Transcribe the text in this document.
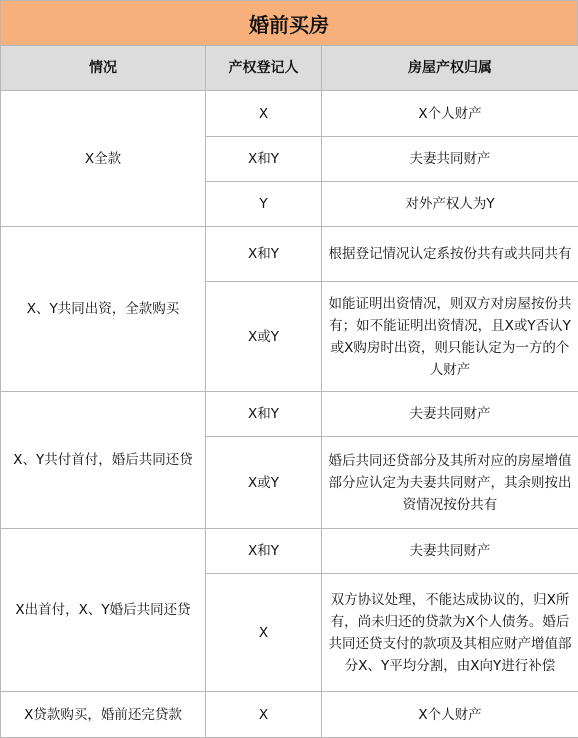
婚前买房
情况	产权登记人	房屋产权归属
X全款	X	X个人财产
	X和Y	夫妻共同财产
	Y	对外产权人为Y
X、Y共同出资，全款购买	X和Y	根据登记情况认定系按份共有或共同共有
	X或Y	如能证明出资情况，则双方对房屋按份共有；如不能证明出资情况，且X或Y否认Y或X购房时出资，则只能认定为一方的个人财产
X、Y共付首付，婚后共同还贷	X和Y	夫妻共同财产
	X或Y	婚后共同还贷部分及其所对应的房屋增值部分应认定为夫妻共同财产，其余则按出资情况按份共有
X出首付，X、Y婚后共同还贷	X和Y	夫妻共同财产
	X	双方协议处理，不能达成协议的，归X所有，尚未归还的贷款为X个人债务。婚后共同还贷支付的款项及其相应财产增值部分X、Y平均分割，由X向Y进行补偿
X贷款购买，婚前还完贷款	X	X个人财产
